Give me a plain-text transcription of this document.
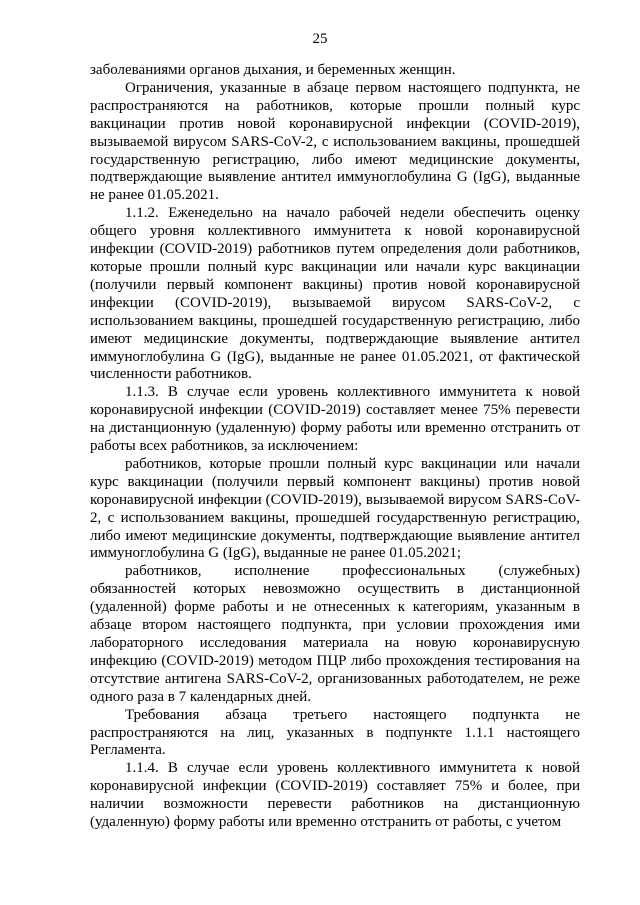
25

заболеваниями органов дыхания, и беременных женщин.

Ограничения, указанные в абзаце первом настоящего подпункта, не распространяются на работников, которые прошли полный курс вакцинации против новой коронавирусной инфекции (COVID-2019), вызываемой вирусом SARS-CoV-2, с использованием вакцины, прошедшей государственную регистрацию, либо имеют медицинские документы, подтверждающие выявление антител иммуноглобулина G (IgG), выданные не ранее 01.05.2021.

1.1.2. Еженедельно на начало рабочей недели обеспечить оценку общего уровня коллективного иммунитета к новой коронавирусной инфекции (COVID-2019) работников путем определения доли работников, которые прошли полный курс вакцинации или начали курс вакцинации (получили первый компонент вакцины) против новой коронавирусной инфекции (COVID-2019), вызываемой вирусом SARS-CoV-2, с использованием вакцины, прошедшей государственную регистрацию, либо имеют медицинские документы, подтверждающие выявление антител иммуноглобулина G (IgG), выданные не ранее 01.05.2021, от фактической численности работников.

1.1.3. В случае если уровень коллективного иммунитета к новой коронавирусной инфекции (COVID-2019) составляет менее 75% перевести на дистанционную (удаленную) форму работы или временно отстранить от работы всех работников, за исключением:

работников, которые прошли полный курс вакцинации или начали курс вакцинации (получили первый компонент вакцины) против новой коронавирусной инфекции (COVID-2019), вызываемой вирусом SARS-CoV-2, с использованием вакцины, прошедшей государственную регистрацию, либо имеют медицинские документы, подтверждающие выявление антител иммуноглобулина G (IgG), выданные не ранее 01.05.2021;

работников, исполнение профессиональных (служебных) обязанностей которых невозможно осуществить в дистанционной (удаленной) форме работы и не отнесенных к категориям, указанным в абзаце втором настоящего подпункта, при условии прохождения ими лабораторного исследования материала на новую коронавирусную инфекцию (COVID-2019) методом ПЦР либо прохождения тестирования на отсутствие антигена SARS-CoV-2, организованных работодателем, не реже одного раза в 7 календарных дней.

Требования абзаца третьего настоящего подпункта не распространяются на лиц, указанных в подпункте 1.1.1 настоящего Регламента.

1.1.4. В случае если уровень коллективного иммунитета к новой коронавирусной инфекции (COVID-2019) составляет 75% и более, при наличии возможности перевести работников на дистанционную (удаленную) форму работы или временно отстранить от работы, с учетом
